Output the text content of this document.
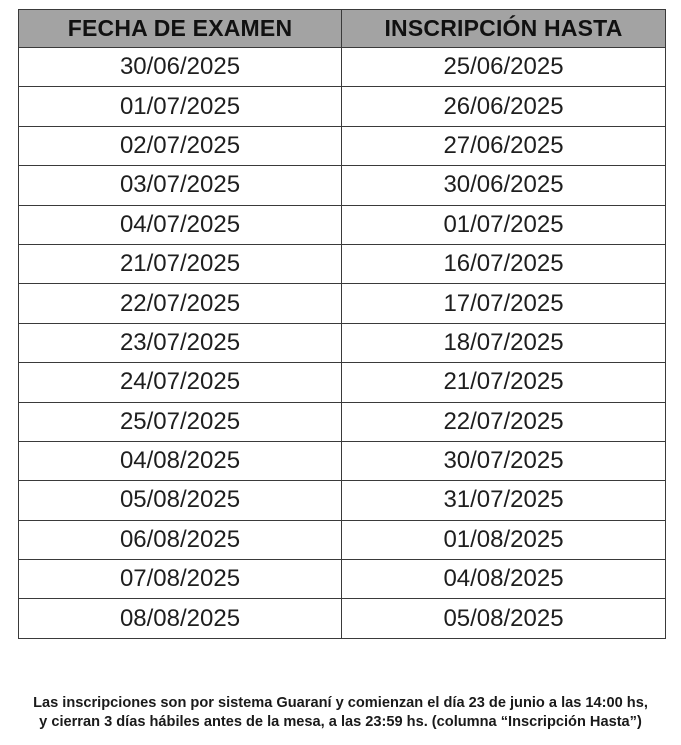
FECHA DE EXAMEN	INSCRIPCIÓN HASTA
30/06/2025	25/06/2025
01/07/2025	26/06/2025
02/07/2025	27/06/2025
03/07/2025	30/06/2025
04/07/2025	01/07/2025
21/07/2025	16/07/2025
22/07/2025	17/07/2025
23/07/2025	18/07/2025
24/07/2025	21/07/2025
25/07/2025	22/07/2025
04/08/2025	30/07/2025
05/08/2025	31/07/2025
06/08/2025	01/08/2025
07/08/2025	04/08/2025
08/08/2025	05/08/2025

Las inscripciones son por sistema Guaraní y comienzan el día 23 de junio a las 14:00 hs, y cierran 3 días hábiles antes de la mesa, a las 23:59 hs. (columna “Inscripción Hasta”)
